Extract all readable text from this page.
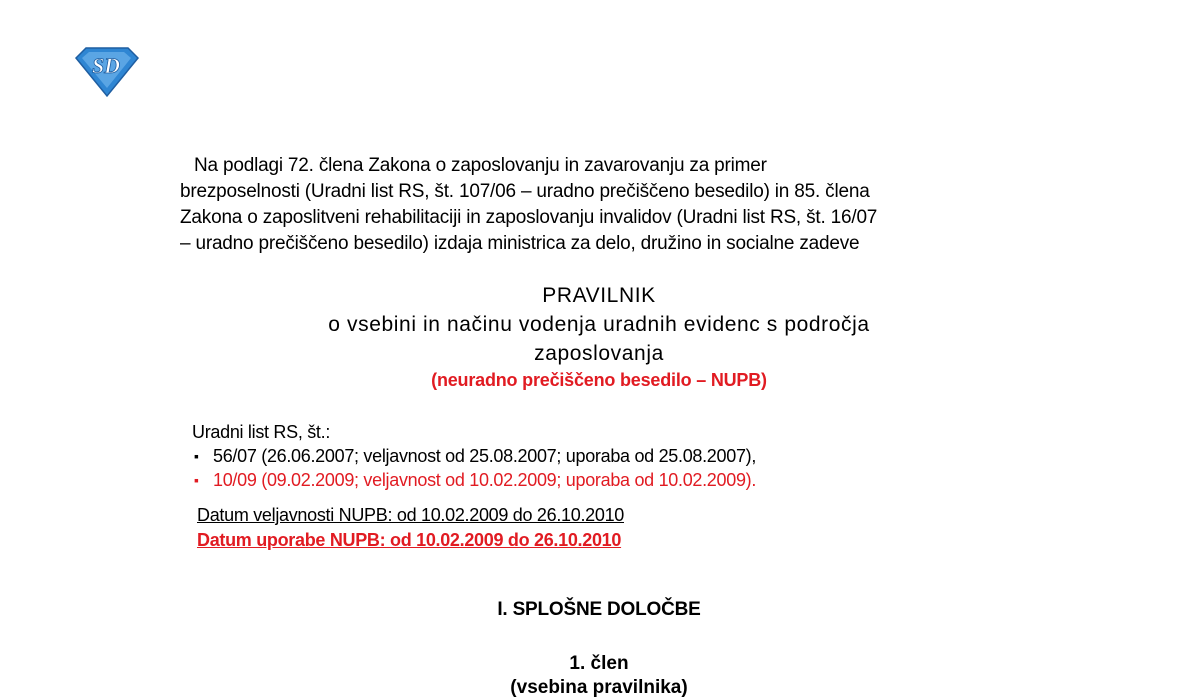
SD
Na podlagi 72. člena Zakona o zaposlovanju in zavarovanju za primer
brezposelnosti (Uradni list RS, št. 107/06 – uradno prečiščeno besedilo) in 85. člena
Zakona o zaposlitveni rehabilitaciji in zaposlovanju invalidov (Uradni list RS, št. 16/07
– uradno prečiščeno besedilo) izdaja ministrica za delo, družino in socialne zadeve
PRAVILNIK
o vsebini in načinu vodenja uradnih evidenc s področja
zaposlovanja
(neuradno prečiščeno besedilo – NUPB)
Uradni list RS, št.:
▪ 56/07 (26.06.2007; veljavnost od 25.08.2007; uporaba od 25.08.2007),
▪ 10/09 (09.02.2009; veljavnost od 10.02.2009; uporaba od 10.02.2009).
Datum veljavnosti NUPB: od 10.02.2009 do 26.10.2010
Datum uporabe NUPB: od 10.02.2009 do 26.10.2010
I. SPLOŠNE DOLOČBE
1. člen
(vsebina pravilnika)
